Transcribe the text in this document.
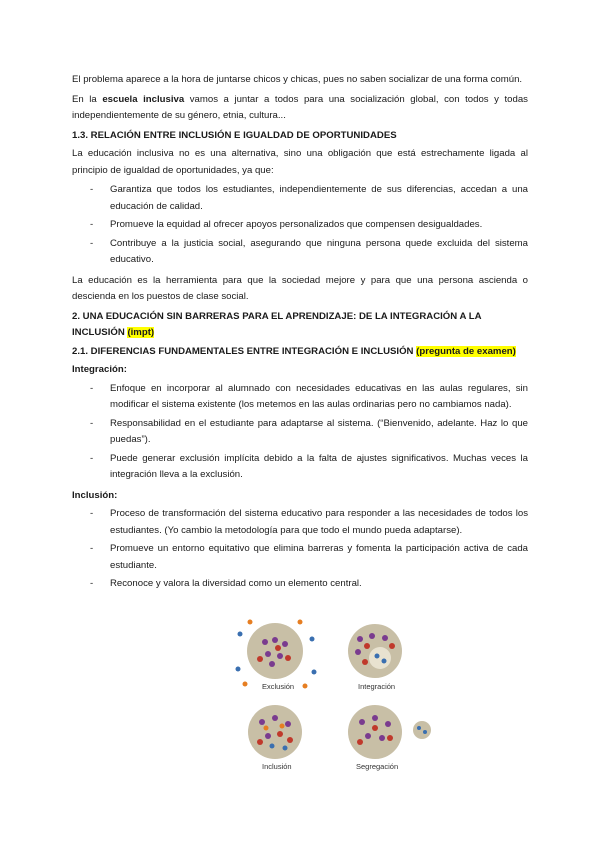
El problema aparece a la hora de juntarse chicos y chicas, pues no saben socializar de una forma común.

En la escuela inclusiva vamos a juntar a todos para una socialización global, con todos y todas independientemente de su género, etnia, cultura...

1.3. RELACIÓN ENTRE INCLUSIÓN E IGUALDAD DE OPORTUNIDADES

La educación inclusiva no es una alternativa, sino una obligación que está estrechamente ligada al principio de igualdad de oportunidades, ya que:

- Garantiza que todos los estudiantes, independientemente de sus diferencias, accedan a una educación de calidad.
- Promueve la equidad al ofrecer apoyos personalizados que compensen desigualdades.
- Contribuye a la justicia social, asegurando que ninguna persona quede excluida del sistema educativo.

La educación es la herramienta para que la sociedad mejore y para que una persona ascienda o descienda en los puestos de clase social.

2. UNA EDUCACIÓN SIN BARRERAS PARA EL APRENDIZAJE: DE LA INTEGRACIÓN A LA INCLUSIÓN (impt)
2.1. DIFERENCIAS FUNDAMENTALES ENTRE INTEGRACIÓN E INCLUSIÓN (pregunta de examen)
Integración:
- Enfoque en incorporar al alumnado con necesidades educativas en las aulas regulares, sin modificar el sistema existente (los metemos en las aulas ordinarias pero no cambiamos nada).
- Responsabilidad en el estudiante para adaptarse al sistema. (“Bienvenido, adelante. Haz lo que puedas”).
- Puede generar exclusión implícita debido a la falta de ajustes significativos. Muchas veces la integración lleva a la exclusión.
Inclusión:
- Proceso de transformación del sistema educativo para responder a las necesidades de todos los estudiantes. (Yo cambio la metodología para que todo el mundo pueda adaptarse).
- Promueve un entorno equitativo que elimina barreras y fomenta la participación activa de cada estudiante.
- Reconoce y valora la diversidad como un elemento central.
Exclusión	Integración
Inclusión	Segregación
